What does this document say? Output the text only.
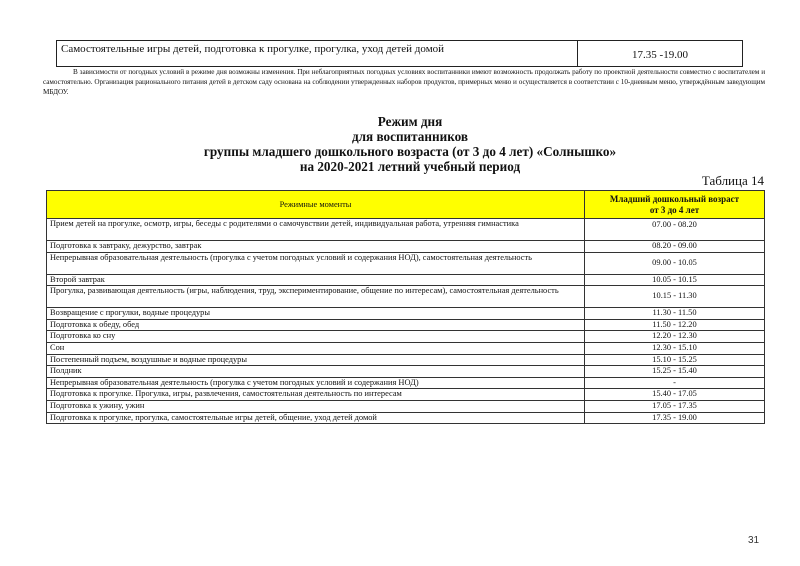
Самостоятельные игры детей, подготовка к прогулке, прогулка, уход детей домой	17.35 -19.00

В зависимости от погодных условий в режиме дня возможны изменения. При неблагоприятных погодных условиях воспитанники имеют возможность продолжать работу по проектной деятельности совместно с воспитателем и самостоятельно. Организация рационального питания детей в детском саду основана на соблюдении утвержденных наборов продуктов, примерных меню и осуществляется в соответствии с 10-дневным меню, утверждённым заведующим МБДОУ.

Режим дня
для воспитанников
группы младшего дошкольного возраста (от 3 до 4 лет) «Солнышко»
на 2020-2021 летний учебный период
Таблица 14
Режимные моменты	Младший дошкольный возраст
от 3 до 4 лет

Прием детей на прогулке, осмотр, игры, беседы с родителями о самочувствии детей, индивидуальная работа, утренняя гимнастика	07.00 - 08.20
Подготовка к завтраку, дежурство, завтрак	08.20 - 09.00
Непрерывная образовательная деятельность (прогулка с учетом погодных условий и содержания НОД), самостоятельная деятельность	09.00 - 10.05
Второй завтрак	10.05 - 10.15
Прогулка, развивающая деятельность (игры, наблюдения, труд, экспериментирование, общение по интересам), самостоятельная деятельность	10.15 - 11.30
Возвращение с прогулки, водные процедуры	11.30 - 11.50
Подготовка к обеду, обед	11.50 - 12.20
Подготовка ко сну	12.20 - 12.30
Сон	12.30 - 15.10
Постепенный подъем, воздушные и водные процедуры	15.10 - 15.25
Полдник	15.25 - 15.40
Непрерывная образовательная деятельность (прогулка с учетом погодных условий и содержания НОД)	-
Подготовка к прогулке. Прогулка, игры, развлечения, самостоятельная деятельность по интересам	15.40 - 17.05
Подготовка к ужину, ужин	17.05 - 17.35
Подготовка к прогулке, прогулка, самостоятельные игры детей, общение, уход детей домой	17.35 - 19.00
31
